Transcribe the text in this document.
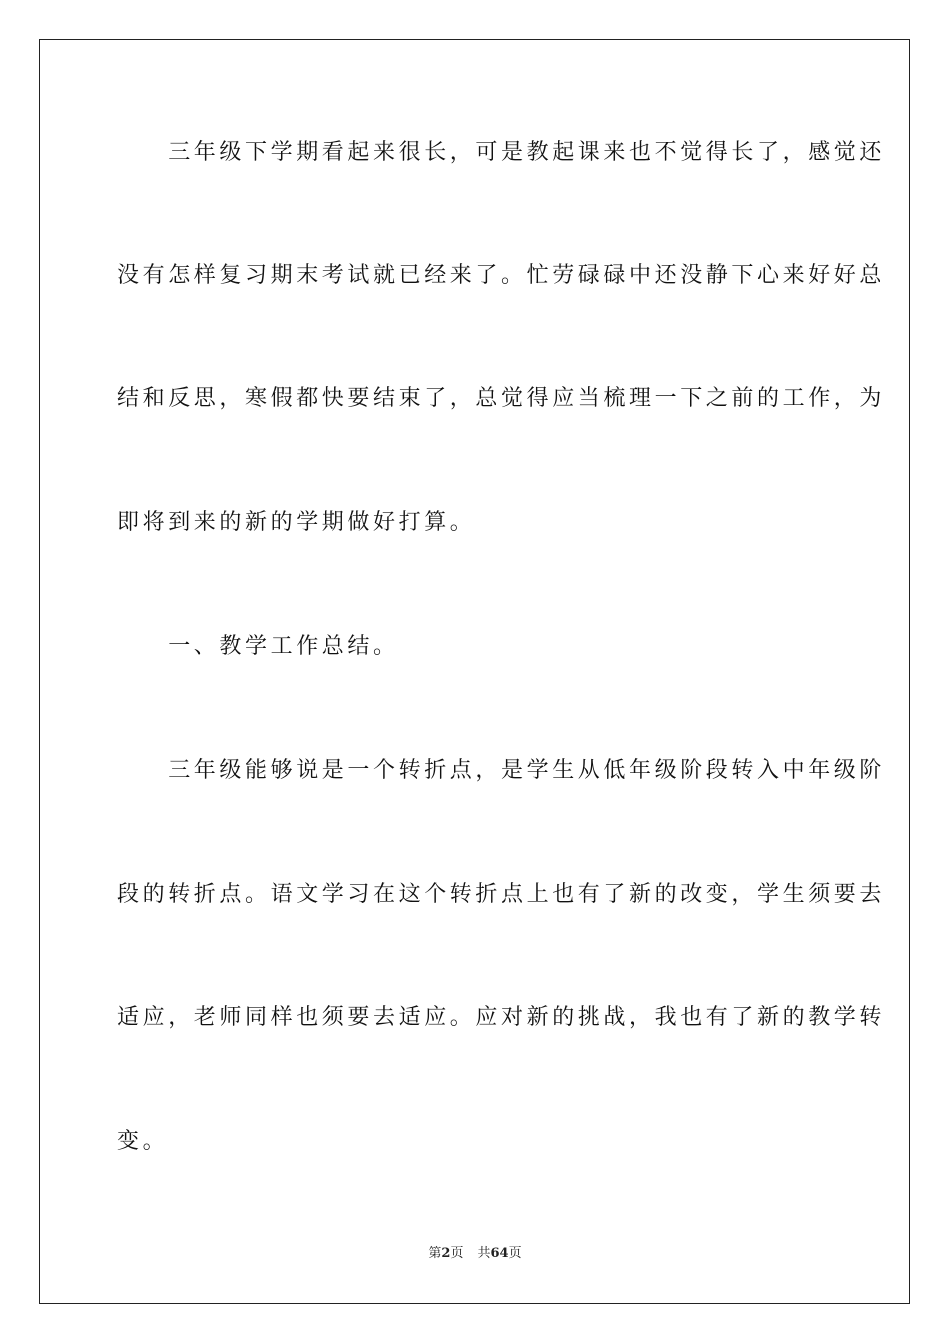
　　三年级下学期看起来很长，可是教起课来也不觉得长了，感觉还
没有怎样复习期末考试就已经来了。忙劳碌碌中还没静下心来好好总
结和反思，寒假都快要结束了，总觉得应当梳理一下之前的工作，为
即将到来的新的学期做好打算。
　　一、教学工作总结。
　　三年级能够说是一个转折点，是学生从低年级阶段转入中年级阶
段的转折点。语文学习在这个转折点上也有了新的改变，学生须要去
适应，老师同样也须要去适应。应对新的挑战，我也有了新的教学转
变。
第2页 共64页
